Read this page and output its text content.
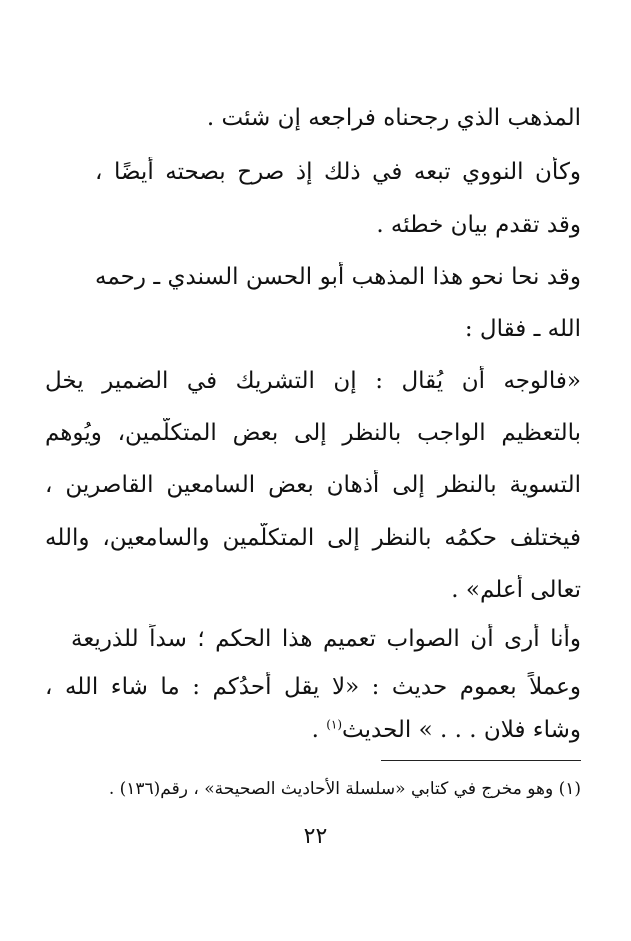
المذهب الذي رجحناه فراجعه إن شئت .
وكأن النووي تبعه في ذلك إذ صرح بصحته أيضًا ،
وقد تقدم بيان خطئه .
وقد نحا نحو هذا المذهب أبو الحسن السندي ـ رحمه
الله ـ فقال :
«فالوجه أن يُقال : إن التشريك في الضمير يخل
بالتعظيم الواجب بالنظر إلى بعض المتكلّمين، ويُوهم
التسوية بالنظر إلى أذهان بعض السامعين القاصرين ،
فيختلف حكمُه بالنظر إلى المتكلّمين والسامعين، والله
تعالى أعلم» .
وأنا أرى أن الصواب تعميم هذا الحكم ؛ سداً للذريعة
وعملاً بعموم حديث : «لا يقل أحدُكم : ما شاء الله ،
وشاء فلان . . . » الحديث$^{(١)}$ .
(١) وهو مخرج في كتابي «سلسلة الأحاديث الصحيحة» ، رقم(١٣٦) .
٢٢
